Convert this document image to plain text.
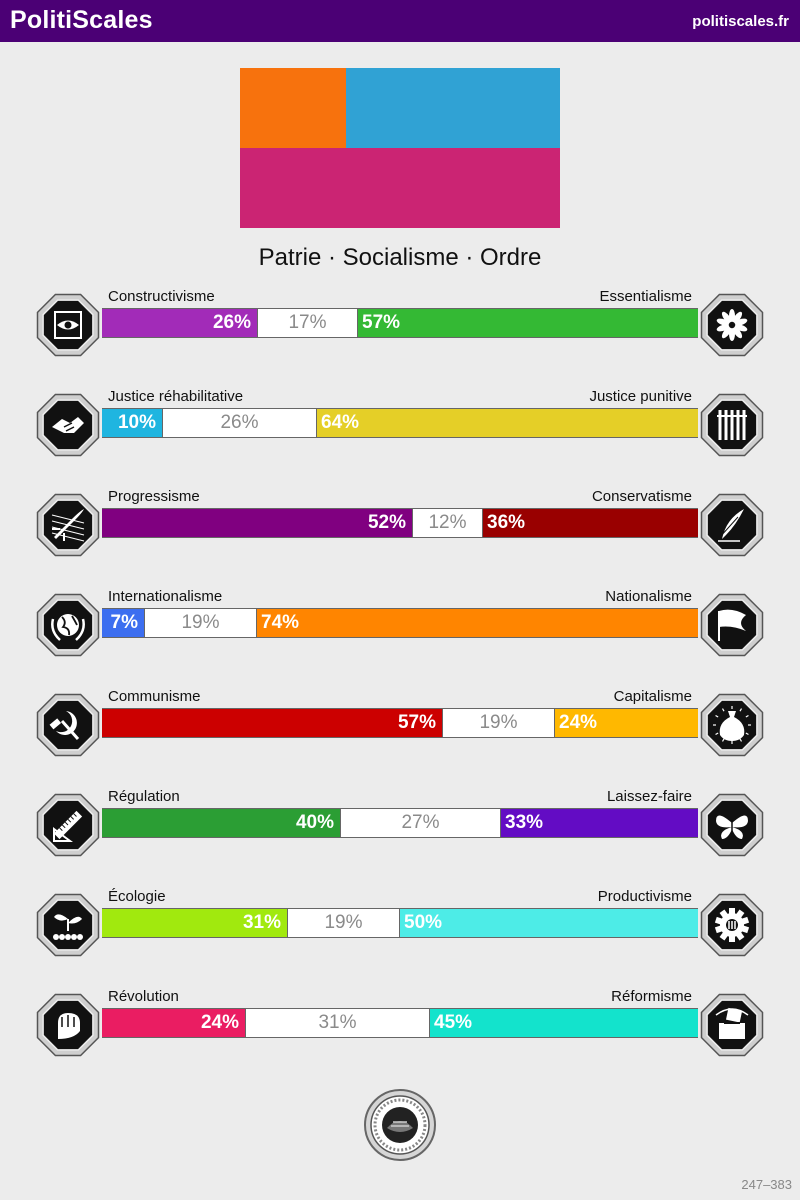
PolitiScales	politiscales.fr
Patrie · Socialisme · Ordre
Constructivisme	Essentialisme
26%	17%	57%
Justice réhabilitative	Justice punitive
10%	26%	64%
Progressisme	Conservatisme
52%	12%	36%
Internationalisme	Nationalisme
7%	19%	74%
Communisme	Capitalisme
57%	19%	24%
Régulation	Laissez-faire
40%	27%	33%
Écologie	Productivisme
31%	19%	50%
Révolution	Réformisme
24%	31%	45%
247–383
